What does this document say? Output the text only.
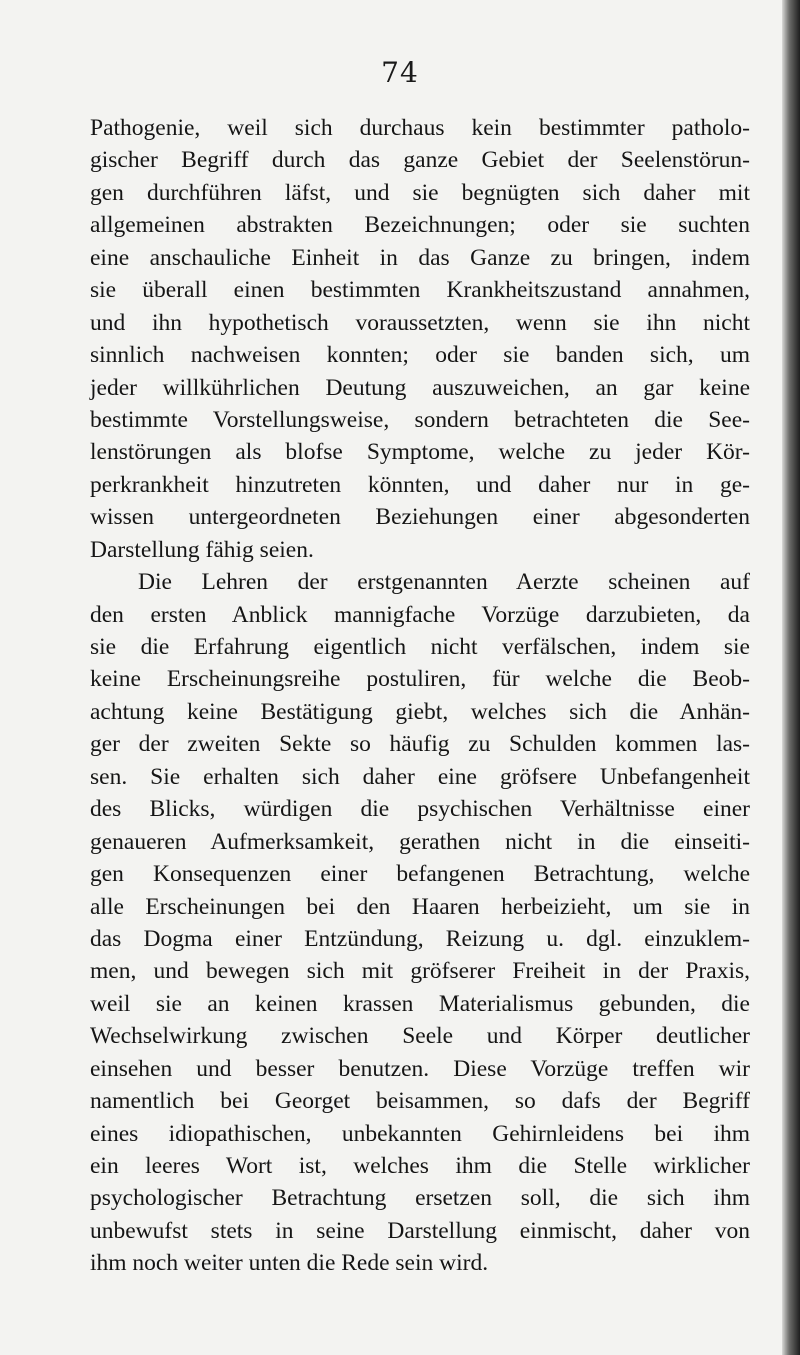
74
Pathogenie, weil sich durchaus kein bestimmter patholo-
gischer Begriff durch das ganze Gebiet der Seelenstörun-
gen durchführen läfst, und sie begnügten sich daher mit
allgemeinen abstrakten Bezeichnungen; oder sie suchten
eine anschauliche Einheit in das Ganze zu bringen, indem
sie überall einen bestimmten Krankheitszustand annahmen,
und ihn hypothetisch voraussetzten, wenn sie ihn nicht
sinnlich nachweisen konnten; oder sie banden sich, um
jeder willkührlichen Deutung auszuweichen, an gar keine
bestimmte Vorstellungsweise, sondern betrachteten die See-
lenstörungen als blofse Symptome, welche zu jeder Kör-
perkrankheit hinzutreten könnten, und daher nur in ge-
wissen untergeordneten Beziehungen einer abgesonderten
Darstellung fähig seien.
Die Lehren der erstgenannten Aerzte scheinen auf
den ersten Anblick mannigfache Vorzüge darzubieten, da
sie die Erfahrung eigentlich nicht verfälschen, indem sie
keine Erscheinungsreihe postuliren, für welche die Beob-
achtung keine Bestätigung giebt, welches sich die Anhän-
ger der zweiten Sekte so häufig zu Schulden kommen las-
sen. Sie erhalten sich daher eine gröfsere Unbefangenheit
des Blicks, würdigen die psychischen Verhältnisse einer
genaueren Aufmerksamkeit, gerathen nicht in die einseiti-
gen Konsequenzen einer befangenen Betrachtung, welche
alle Erscheinungen bei den Haaren herbeizieht, um sie in
das Dogma einer Entzündung, Reizung u. dgl. einzuklem-
men, und bewegen sich mit gröfserer Freiheit in der Praxis,
weil sie an keinen krassen Materialismus gebunden, die
Wechselwirkung zwischen Seele und Körper deutlicher
einsehen und besser benutzen. Diese Vorzüge treffen wir
namentlich bei Georget beisammen, so dafs der Begriff
eines idiopathischen, unbekannten Gehirnleidens bei ihm
ein leeres Wort ist, welches ihm die Stelle wirklicher
psychologischer Betrachtung ersetzen soll, die sich ihm
unbewufst stets in seine Darstellung einmischt, daher von
ihm noch weiter unten die Rede sein wird.
